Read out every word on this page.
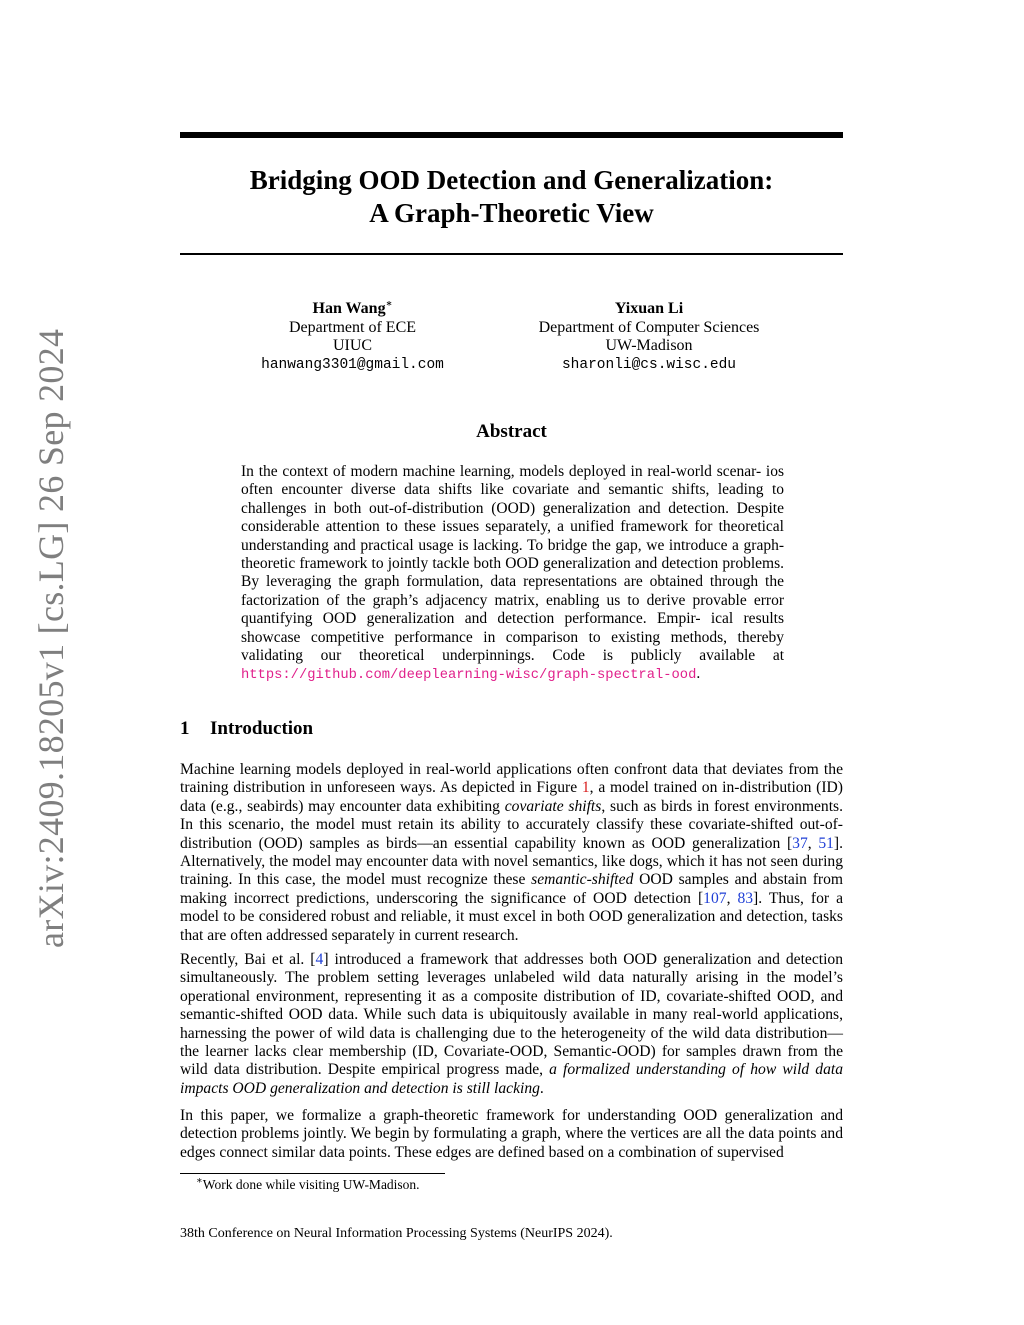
arXiv:2409.18205v1 [cs.LG] 26 Sep 2024
Bridging OOD Detection and Generalization:
A Graph-Theoretic View
Han Wang∗
Department of ECE
UIUC
hanwang3301@gmail.com
Yixuan Li
Department of Computer Sciences
UW-Madison
sharonli@cs.wisc.edu
Abstract
In the context of modern machine learning, models deployed in real-world scenar- ios often encounter diverse data shifts like covariate and semantic shifts, leading to challenges in both out-of-distribution (OOD) generalization and detection. Despite considerable attention to these issues separately, a unified framework for theoretical understanding and practical usage is lacking. To bridge the gap, we introduce a graph-theoretic framework to jointly tackle both OOD generalization and detection problems. By leveraging the graph formulation, data representations are obtained through the factorization of the graph’s adjacency matrix, enabling us to derive provable error quantifying OOD generalization and detection performance. Empir- ical results showcase competitive performance in comparison to existing methods, thereby validating our theoretical underpinnings. Code is publicly available at https://github.com/deeplearning-wisc/graph-spectral-ood.
1 Introduction
Machine learning models deployed in real-world applications often confront data that deviates from the training distribution in unforeseen ways. As depicted in Figure 1, a model trained on in-distribution (ID) data (e.g., seabirds) may encounter data exhibiting covariate shifts, such as birds in forest environments. In this scenario, the model must retain its ability to accurately classify these covariate-shifted out-of-distribution (OOD) samples as birds—an essential capability known as OOD generalization [37, 51]. Alternatively, the model may encounter data with novel semantics, like dogs, which it has not seen during training. In this case, the model must recognize these semantic-shifted OOD samples and abstain from making incorrect predictions, underscoring the significance of OOD detection [107, 83]. Thus, for a model to be considered robust and reliable, it must excel in both OOD generalization and detection, tasks that are often addressed separately in current research.
Recently, Bai et al. [4] introduced a framework that addresses both OOD generalization and detection simultaneously. The problem setting leverages unlabeled wild data naturally arising in the model’s operational environment, representing it as a composite distribution of ID, covariate-shifted OOD, and semantic-shifted OOD data. While such data is ubiquitously available in many real-world applications, harnessing the power of wild data is challenging due to the heterogeneity of the wild data distribution—the learner lacks clear membership (ID, Covariate-OOD, Semantic-OOD) for samples drawn from the wild data distribution. Despite empirical progress made, a formalized understanding of how wild data impacts OOD generalization and detection is still lacking.
In this paper, we formalize a graph-theoretic framework for understanding OOD generalization and detection problems jointly. We begin by formulating a graph, where the vertices are all the data points and edges connect similar data points. These edges are defined based on a combination of supervised
∗Work done while visiting UW-Madison.
38th Conference on Neural Information Processing Systems (NeurIPS 2024).
